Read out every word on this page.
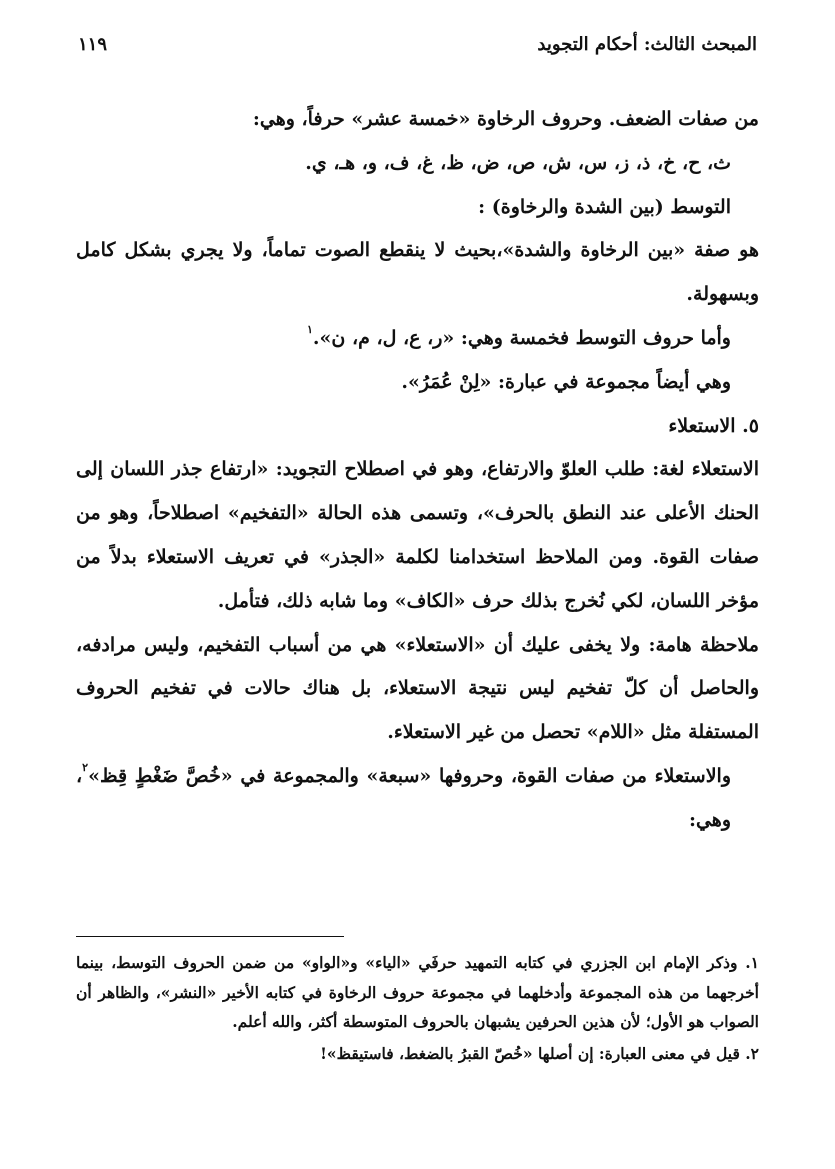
المبحث الثالث: أحكام التجويد
١١٩

من صفات الضعف. وحروف الرخاوة «خمسة عشر» حرفاً، وهي:

ث، ح، خ، ذ، ز، س، ش، ص، ض، ظ، غ، ف، و، هـ، ي.

التوسط (بين الشدة والرخاوة) :

هو صفة «بين الرخاوة والشدة»،بحيث لا ينقطع الصوت تماماً، ولا يجري بشكل كامل وبسهولة.

وأما حروف التوسط فخمسة وهي: «ر، ع، ل، م، ن».$^١$

وهي أيضاً مجموعة في عبارة: «لِنْ عُمَرُ».

٥. الاستعلاء

الاستعلاء لغة: طلب العلوّ والارتفاع، وهو في اصطلاح التجويد: «ارتفاع جذر اللسان إلى الحنك الأعلى عند النطق بالحرف»، وتسمى هذه الحالة «التفخيم» اصطلاحاً، وهو من صفات القوة. ومن الملاحظ استخدامنا لكلمة «الجذر» في تعريف الاستعلاء بدلاً من مؤخر اللسان، لكي نُخرج بذلك حرف «الكاف» وما شابه ذلك، فتأمل.

ملاحظة هامة: ولا يخفى عليك أن «الاستعلاء» هي من أسباب التفخيم، وليس مرادفه، والحاصل أن كلّ تفخيم ليس نتيجة الاستعلاء، بل هناك حالات في تفخيم الحروف المستفلة مثل «اللام» تحصل من غير الاستعلاء.

والاستعلاء من صفات القوة، وحروفها «سبعة» والمجموعة في «خُصَّ ضَغْطٍ قِظ»$^٢$، وهي:

١. وذكر الإمام ابن الجزري في كتابه التمهيد حرفَي «الياء» و«الواو» من ضمن الحروف التوسط، بينما أخرجهما من هذه المجموعة وأدخلهما في مجموعة حروف الرخاوة في كتابه الأخير «النشر»، والظاهر أن الصواب هو الأول؛ لأن هذين الحرفين يشبهان بالحروف المتوسطة أكثر، والله أعلم.

٢. قيل في معنى العبارة: إن أصلها «خُصّ القبرُ بالضغط، فاستيقظ»!
